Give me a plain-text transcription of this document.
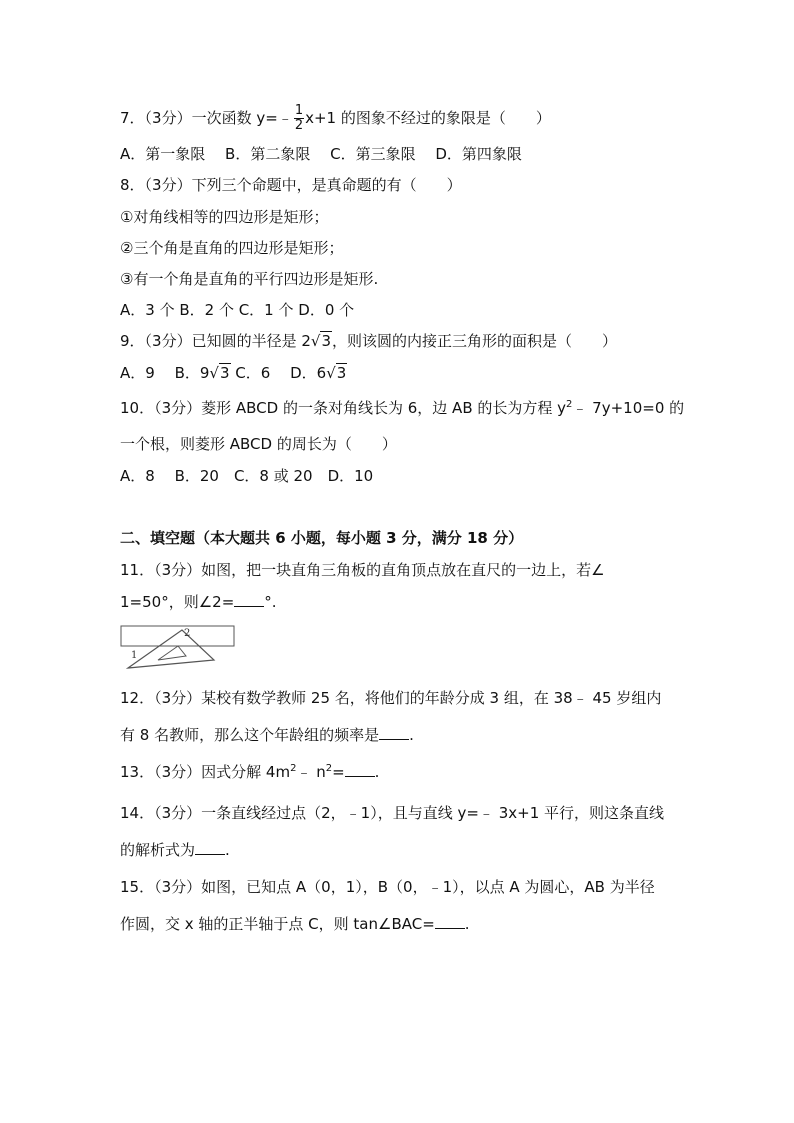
7．（3分）一次函数 y=﹣ $\frac{1}{2} x+1$ 的图象不经过的象限是（　　）
A．第一象限　 B．第二象限　 C．第三象限　 D．第四象限
8．（3分）下列三个命题中，是真命题的有（　　）
①对角线相等的四边形是矩形；
②三个角是直角的四边形是矩形；
③有一个角是直角的平行四边形是矩形.
A．3 个 B．2 个 C．1 个 D．0 个
9．（3分）已知圆的半径是 2√3，则该圆的内接正三角形的面积是（　　）
A．9　 B．9√3 C．6　 D．6√3
10．（3分）菱形 ABCD 的一条对角线长为 6，边 AB 的长为方程 $y^2﹣$ 7y+10=0 的
一个根，则菱形 ABCD 的周长为（　　）
A．8　 B．20　C．8 或 20　D．10
二、填空题（本大题共 6 小题，每小题 3 分，满分 18 分）
11．（3分）如图，把一块直角三角板的直角顶点放在直尺的一边上，若∠
1=50°，则∠2= °.
1
2
12．（3分）某校有数学教师 25 名，将他们的年龄分成 3 组，在 38﹣ 45 岁组内
有 8 名教师，那么这个年龄组的频率是 .
13．（3分）因式分解 $4m^2﹣$ $n^2=$ .
14．（3分）一条直线经过点（2，﹣1），且与直线 y=﹣ 3x+1 平行，则这条直线
的解析式为 .
15．（3分）如图，已知点 A（0，1），B（0，﹣1），以点 A 为圆心，AB 为半径
作圆，交 x 轴的正半轴于点 C，则 tan∠BAC= .
